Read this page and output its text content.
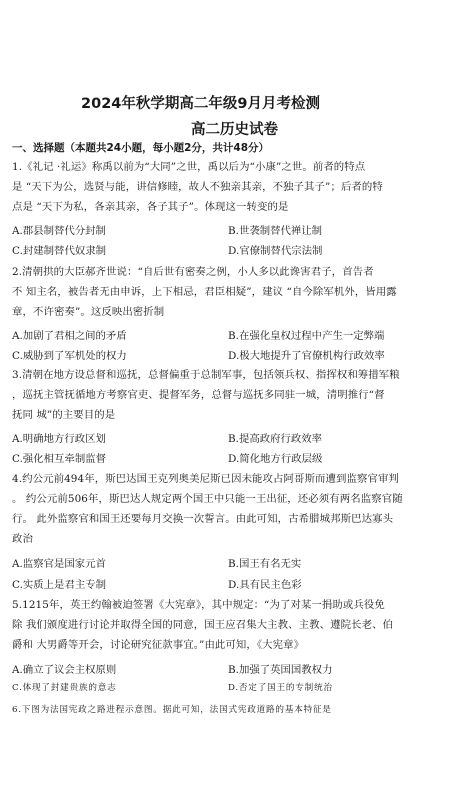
2024年秋学期高二年级9月月考检测
高二历史试卷
一、选择题（本题共24小题，每小题2分，共计48分）
1.《礼记 ·礼运》称禹以前为“大同”之世，禹以后为“小康”之世。前者的特点
是 “天下为公，选贤与能，讲信修睦，故人不独亲其亲，不独子其子”；后者的特
点是 “天下为私，各亲其亲，各子其子”。体现这一转变的是
A.郡县制替代分封制	B.世袭制替代禅让制
C.封建制替代奴隶制	D.官僚制替代宗法制
2.清朝拱的大臣郝齐世说：“自后世有密奏之例，小人多以此谗害君子，首告者
不 知主名，被告者无由申诉，上下相忌，君臣相疑”，建议 “自今除军机外，皆用露
章，不许密奏”。这反映出密折制
A.加剧了君相之间的矛盾	B.在强化皇权过程中产生一定弊端
C.威胁到了军机处的权力	D.极大地提升了官僚机构行政效率
3.清朝在地方设总督和巡抚，总督偏重于总制军事，包括领兵权、指挥权和筹措军粮
，巡抚主管抚循地方考察官吏、提督军务，总督与巡抚多同驻一城，清明推行“督
抚同 城”的主要目的是
A.明确地方行政区划	B.提高政府行政效率
C.强化相互牵制监督	D.简化地方行政层级
4.约公元前494年，斯巴达国王克列奥美尼斯已因未能攻占阿哥斯而遭到监察官审判
。 约公元前506年，斯巴达人规定两个国王中只能一王出征，还必须有两名监察官随
行。 此外监察官和国王还要每月交换一次誓言。由此可知，古希腊城邦斯巴达寡头
政治
A.监察官是国家元首	B.国王有名无实
C.实质上是君主专制	D.具有民主色彩
5.1215年，英王约翰被迫签署《大宪章》，其中规定：“为了对某一捐助或兵役免
除 我们颁度进行讨论并取得全国的同意，国王应召集大主教、主教、遵院长老、伯
爵和 大男爵等开会，讨论研究征款事宜。”由此可知，《大宪章》
A.确立了议会主权原则	B.加强了英国国教权力
C.体现了封建贵族的意志	D.否定了国王的专制统治
6.下图为法国宪政之路进程示意图。据此可知，法国式宪政道路的基本特征是
